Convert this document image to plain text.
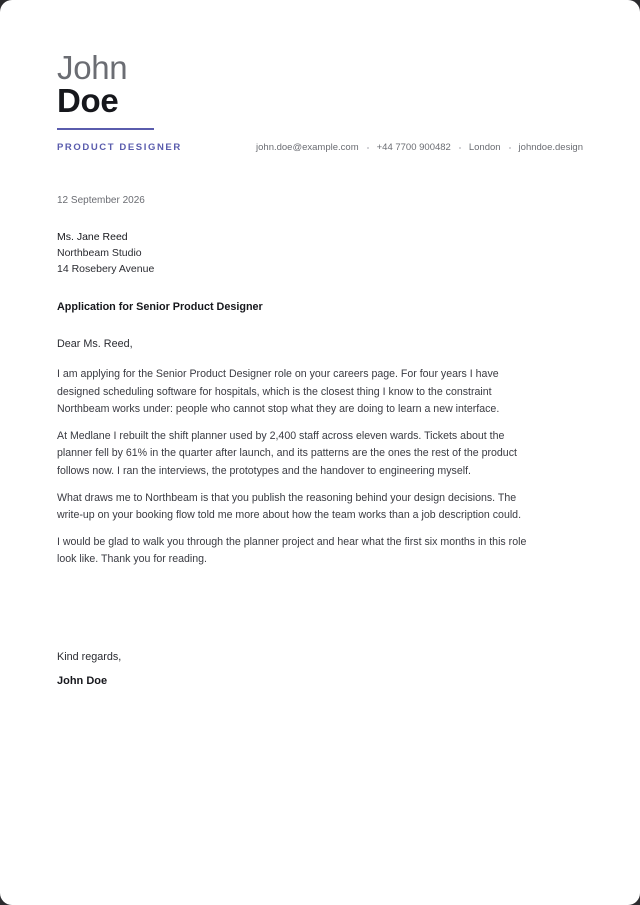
John
Doe
PRODUCT DESIGNER	john.doe@example.com +44 7700 900482 London johndoe.design
12 September 2026
Ms. Jane Reed
Northbeam Studio
14 Rosebery Avenue
Application for Senior Product Designer
Dear Ms. Reed,

I am applying for the Senior Product Designer role on your careers page. For four years I have designed scheduling software for hospitals, which is the closest thing I know to the constraint Northbeam works under: people who cannot stop what they are doing to learn a new interface.

At Medlane I rebuilt the shift planner used by 2,400 staff across eleven wards. Tickets about the planner fell by 61% in the quarter after launch, and its patterns are the ones the rest of the product follows now. I ran the interviews, the prototypes and the handover to engineering myself.

What draws me to Northbeam is that you publish the reasoning behind your design decisions. The write-up on your booking flow told me more about how the team works than a job description could.

I would be glad to walk you through the planner project and hear what the first six months in this role look like. Thank you for reading.

Kind regards,
John Doe
